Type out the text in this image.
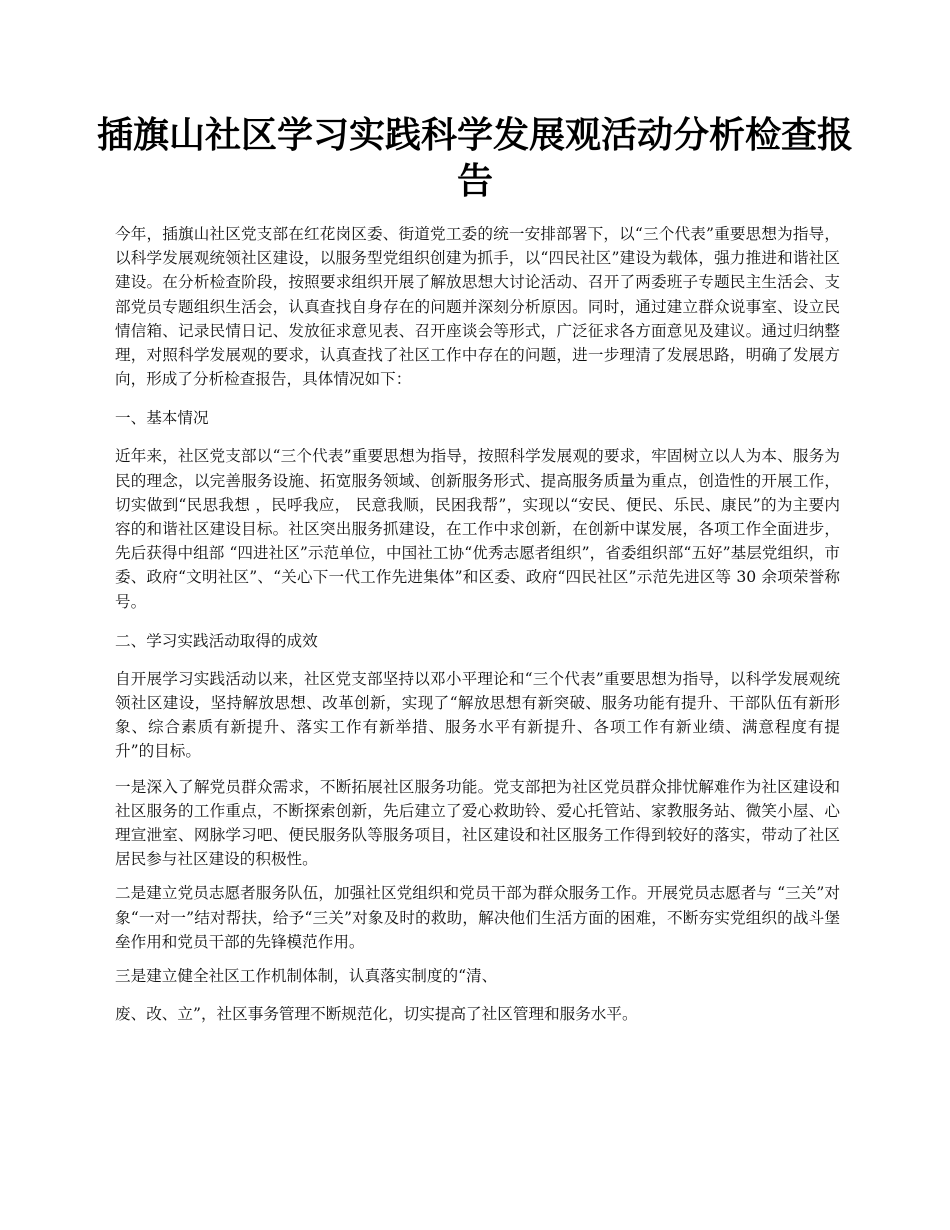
插旗山社区学习实践科学发展观活动分析检查报告

今年，插旗山社区党支部在红花岗区委、街道党工委的统一安排部署下，以“三个代表”重要思想为指导，以科学发展观统领社区建设，以服务型党组织创建为抓手，以“四民社区”建设为载体，强力推进和谐社区建设。在分析检查阶段，按照要求组织开展了解放思想大讨论活动、召开了两委班子专题民主生活会、支部党员专题组织生活会，认真查找自身存在的问题并深刻分析原因。同时，通过建立群众说事室、设立民情信箱、记录民情日记、发放征求意见表、召开座谈会等形式，广泛征求各方面意见及建议。通过归纳整理，对照科学发展观的要求，认真查找了社区工作中存在的问题，进一步理清了发展思路，明确了发展方向，形成了分析检查报告，具体情况如下：

一、基本情况

近年来，社区党支部以“三个代表”重要思想为指导，按照科学发展观的要求，牢固树立以人为本、服务为民的理念，以完善服务设施、拓宽服务领域、创新服务形式、提高服务质量为重点，创造性的开展工作，切实做到“民思我想 ，民呼我应， 民意我顺，民困我帮”，实现以“安民、便民、乐民、康民”的为主要内容的和谐社区建设目标。社区突出服务抓建设，在工作中求创新，在创新中谋发展，各项工作全面进步，先后获得中组部 “四进社区”示范单位，中国社工协“优秀志愿者组织”，省委组织部“五好”基层党组织，市委、政府“文明社区”、“关心下一代工作先进集体”和区委、政府“四民社区”示范先进区等 30 余项荣誉称号。

二、学习实践活动取得的成效

自开展学习实践活动以来，社区党支部坚持以邓小平理论和“三个代表”重要思想为指导，以科学发展观统领社区建设，坚持解放思想、改革创新，实现了“解放思想有新突破、服务功能有提升、干部队伍有新形象、综合素质有新提升、落实工作有新举措、服务水平有新提升、各项工作有新业绩、满意程度有提升”的目标。

一是深入了解党员群众需求，不断拓展社区服务功能。党支部把为社区党员群众排忧解难作为社区建设和社区服务的工作重点，不断探索创新，先后建立了爱心救助铃、爱心托管站、家教服务站、微笑小屋、心理宣泄室、网脉学习吧、便民服务队等服务项目，社区建设和社区服务工作得到较好的落实，带动了社区居民参与社区建设的积极性。

二是建立党员志愿者服务队伍，加强社区党组织和党员干部为群众服务工作。开展党员志愿者与 “三关”对象“一对一”结对帮扶，给予“三关”对象及时的救助，解决他们生活方面的困难，不断夯实党组织的战斗堡垒作用和党员干部的先锋模范作用。

三是建立健全社区工作机制体制，认真落实制度的“清、

废、改、立”，社区事务管理不断规范化，切实提高了社区管理和服务水平。
